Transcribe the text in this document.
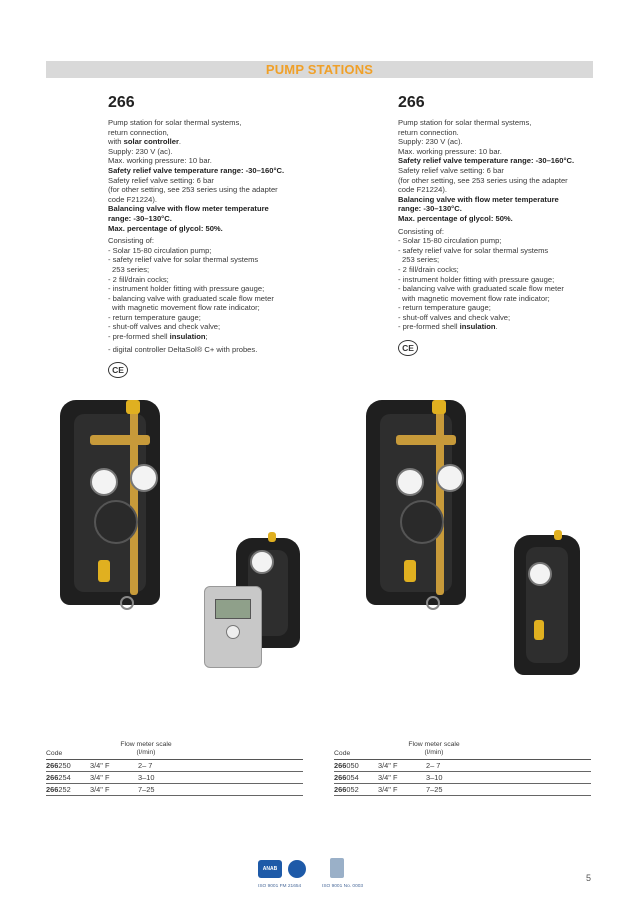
PUMP STATIONS
266
Pump station for solar thermal systems,
return connection,
with solar controller.
Supply: 230 V (ac).
Max. working pressure: 10 bar.
Safety relief valve temperature range: -30–160°C.
Safety relief valve setting: 6 bar
(for other setting, see 253 series using the adapter
code F21224).
Balancing valve with flow meter temperature
range: -30–130°C.
Max. percentage of glycol: 50%.
Consisting of:
- Solar 15-80 circulation pump;
- safety relief valve for solar thermal systems
253 series;
- 2 fill/drain cocks;
- instrument holder fitting with pressure gauge;
- balancing valve with graduated scale flow meter
with magnetic movement flow rate indicator;
- return temperature gauge;
- shut-off valves and check valve;
- pre-formed shell insulation;
- digital controller DeltaSol® C+ with probes.
CE
266
Pump station for solar thermal systems,
return connection.
Supply: 230 V (ac).
Max. working pressure: 10 bar.
Safety relief valve temperature range: -30–160°C.
Safety relief valve setting: 6 bar
(for other setting, see 253 series using the adapter
code F21224).
Balancing valve with flow meter temperature
range: -30–130°C.
Max. percentage of glycol: 50%.
Consisting of:
- Solar 15-80 circulation pump;
- safety relief valve for solar thermal systems
253 series;
- 2 fill/drain cocks;
- instrument holder fitting with pressure gauge;
- balancing valve with graduated scale flow meter
with magnetic movement flow rate indicator;
- return temperature gauge;
- shut-off valves and check valve;
- pre-formed shell insulation.
CE
Code
Flow meter scale (l/min)
266250	3/4" F	2– 7
266254	3/4" F	3–10
266252	3/4" F	7–25
Code
Flow meter scale (l/min)
266050	3/4" F	2– 7
266054	3/4" F	3–10
266052	3/4" F	7–25
ANAB
ISO 9001 FM 21654	ISO 9001 No. 0003
5
